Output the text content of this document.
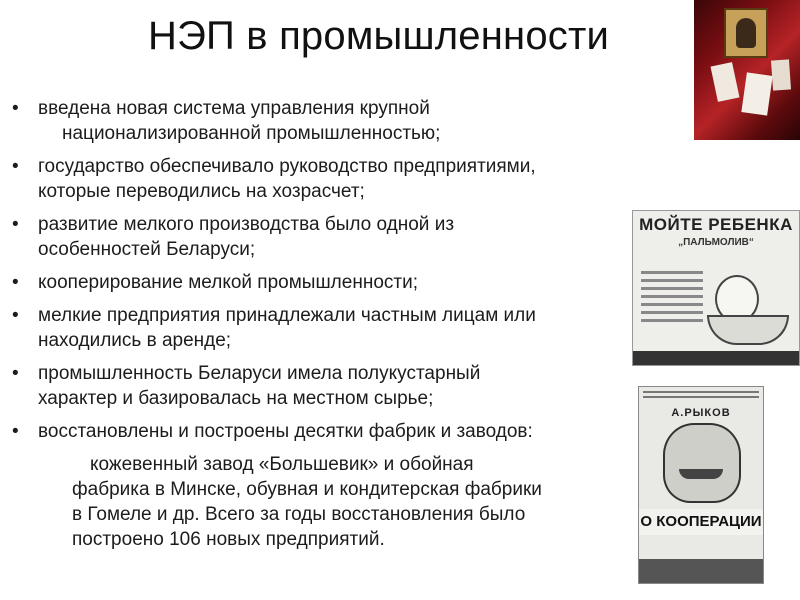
НЭП в промышленности
• введена новая система управления крупной
национализированной промышленностью;
• государство обеспечивало руководство предприятиями,
которые переводились на хозрасчет;
• развитие мелкого производства было одной из
особенностей Беларуси;
• кооперирование мелкой промышленности;
• мелкие предприятия принадлежали частным лицам или
находились в аренде;
• промышленность Беларуси имела полукустарный
характер и базировалась на местном сырье;
• восстановлены и построены десятки фабрик и заводов:
кожевенный завод «Большевик» и обойная
фабрика в Минске, обувная и кондитерская фабрики
в Гомеле и др. Всего за годы восстановления было
построено 106 новых предприятий.
МОЙТЕ РЕБЕНКА
„ПАЛЬМОЛИВ“
А.РЫКОВ
О КООПЕРАЦИИ
